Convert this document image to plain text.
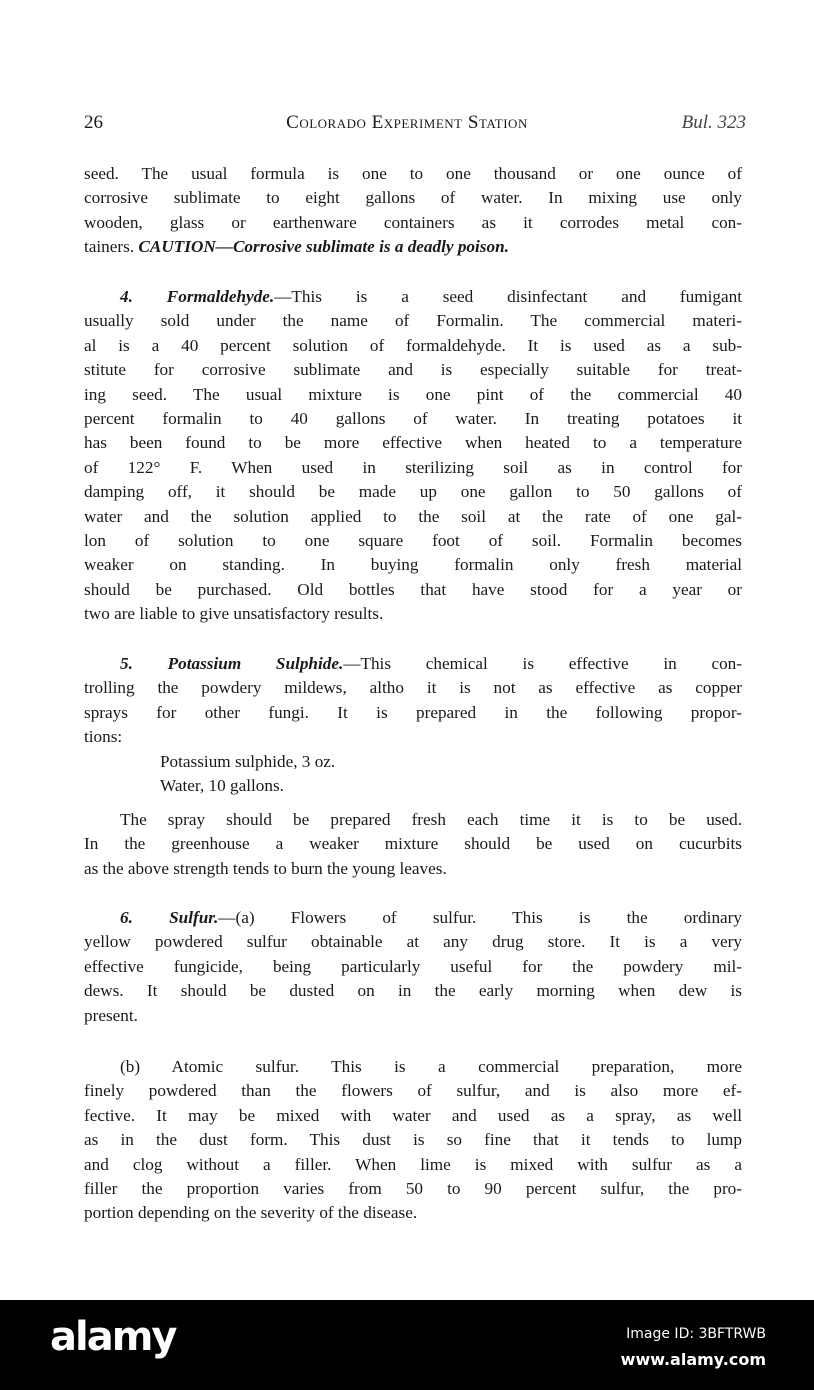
26	Colorado Experiment Station	Bul. 323
seed. The usual formula is one to one thousand or one ounce of
corrosive sublimate to eight gallons of water. In mixing use only
wooden, glass or earthenware containers as it corrodes metal con-
tainers. CAUTION—Corrosive sublimate is a deadly poison.
4. Formaldehyde.—This is a seed disinfectant and fumigant
usually sold under the name of Formalin. The commercial materi-
al is a 40 percent solution of formaldehyde. It is used as a sub-
stitute for corrosive sublimate and is especially suitable for treat-
ing seed. The usual mixture is one pint of the commercial 40
percent formalin to 40 gallons of water. In treating potatoes it
has been found to be more effective when heated to a temperature
of 122° F. When used in sterilizing soil as in control for
damping off, it should be made up one gallon to 50 gallons of
water and the solution applied to the soil at the rate of one gal-
lon of solution to one square foot of soil. Formalin becomes
weaker on standing. In buying formalin only fresh material
should be purchased. Old bottles that have stood for a year or
two are liable to give unsatisfactory results.
5. Potassium Sulphide.—This chemical is effective in con-
trolling the powdery mildews, altho it is not as effective as copper
sprays for other fungi. It is prepared in the following propor-
tions:
Potassium sulphide, 3 oz.
Water, 10 gallons.
The spray should be prepared fresh each time it is to be used.
In the greenhouse a weaker mixture should be used on cucurbits
as the above strength tends to burn the young leaves.
6. Sulfur.—(a) Flowers of sulfur. This is the ordinary
yellow powdered sulfur obtainable at any drug store. It is a very
effective fungicide, being particularly useful for the powdery mil-
dews. It should be dusted on in the early morning when dew is
present.
(b) Atomic sulfur. This is a commercial preparation, more
finely powdered than the flowers of sulfur, and is also more ef-
fective. It may be mixed with water and used as a spray, as well
as in the dust form. This dust is so fine that it tends to lump
and clog without a filler. When lime is mixed with sulfur as a
filler the proportion varies from 50 to 90 percent sulfur, the pro-
portion depending on the severity of the disease.
alamy	Image ID: 3BFTRWB
www.alamy.com
